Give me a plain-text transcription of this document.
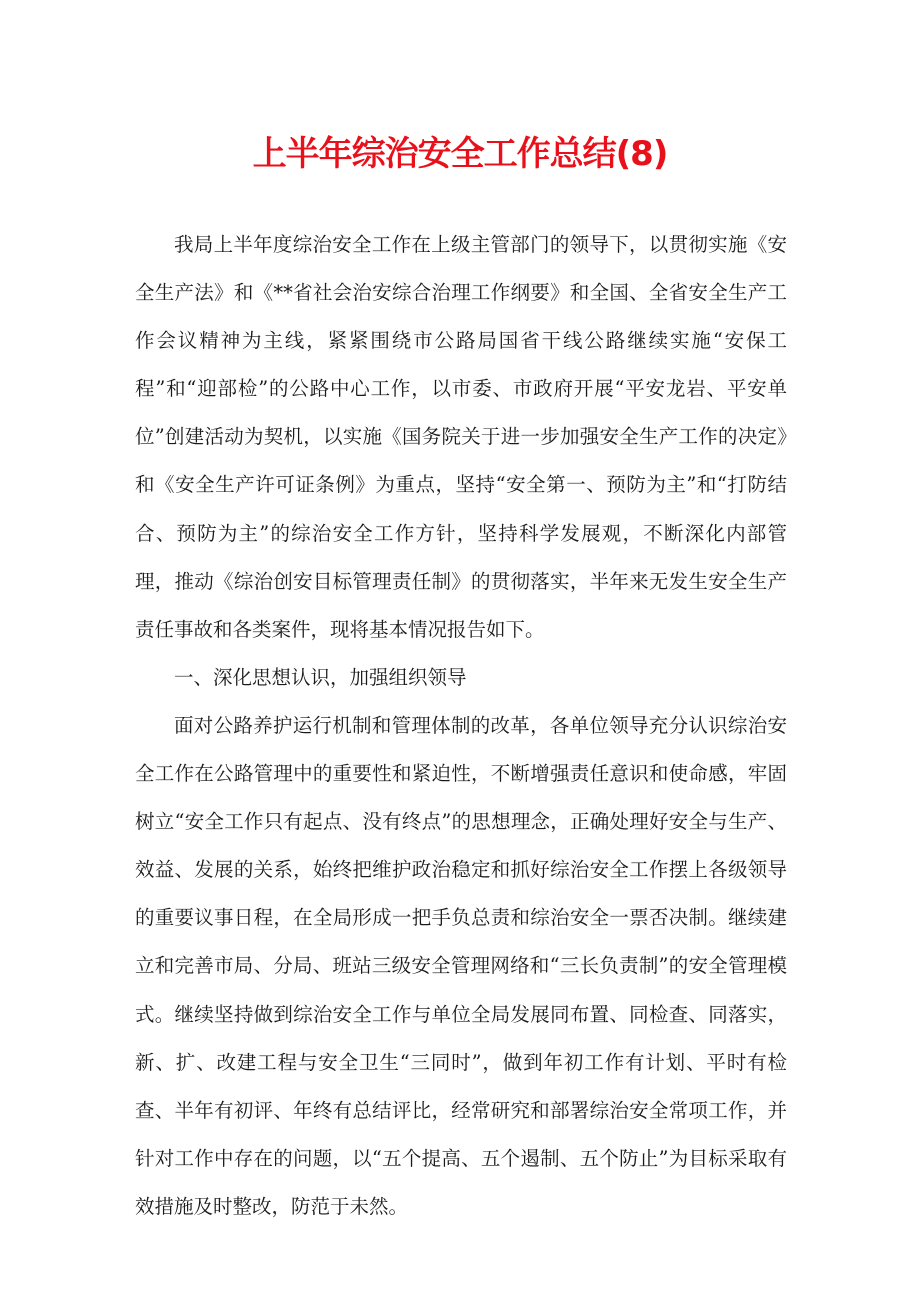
上半年综治安全工作总结(8)

我局上半年度综治安全工作在上级主管部门的领导下，以贯彻实施《安全生产法》和《**省社会治安综合治理工作纲要》和全国、全省安全生产工作会议精神为主线，紧紧围绕市公路局国省干线公路继续实施“安保工程”和“迎部检”的公路中心工作，以市委、市政府开展“平安龙岩、平安单位”创建活动为契机，以实施《国务院关于进一步加强安全生产工作的决定》和《安全生产许可证条例》为重点，坚持“安全第一、预防为主”和“打防结合、预防为主”的综治安全工作方针，坚持科学发展观，不断深化内部管理，推动《综治创安目标管理责任制》的贯彻落实，半年来无发生安全生产责任事故和各类案件，现将基本情况报告如下。

一、深化思想认识，加强组织领导

面对公路养护运行机制和管理体制的改革，各单位领导充分认识综治安全工作在公路管理中的重要性和紧迫性，不断增强责任意识和使命感，牢固树立“安全工作只有起点、没有终点”的思想理念，正确处理好安全与生产、效益、发展的关系，始终把维护政治稳定和抓好综治安全工作摆上各级领导的重要议事日程，在全局形成一把手负总责和综治安全一票否决制。继续建立和完善市局、分局、班站三级安全管理网络和“三长负责制”的安全管理模式。继续坚持做到综治安全工作与单位全局发展同布置、同检查、同落实，新、扩、改建工程与安全卫生“三同时”，做到年初工作有计划、平时有检查、半年有初评、年终有总结评比，经常研究和部署综治安全常项工作，并针对工作中存在的问题，以“五个提高、五个遏制、五个防止”为目标采取有效措施及时整改，防范于未然。
